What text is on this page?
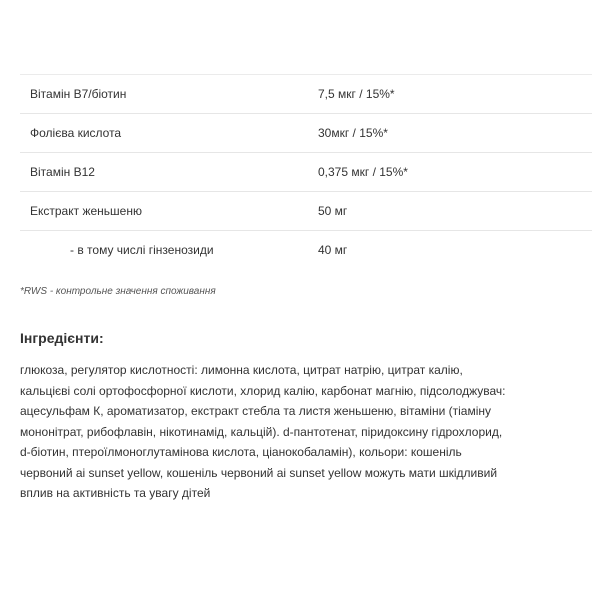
Вітамін B7/біотин	7,5 мкг / 15%*
Фолієва кислота	30мкг / 15%*
Вітамін B12	0,375 мкг / 15%*
Екстракт женьшеню	50 мг
- в тому числі гінзенозиди	40 мг
*RWS - контрольне значення споживання
Інгредієнти:
глюкоза, регулятор кислотності: лимонна кислота, цитрат натрію, цитрат калію,
кальцієві солі ортофосфорної кислоти, хлорид калію, карбонат магнію, підсолоджувач:
ацесульфам К, ароматизатор, екстракт стебла та листя женьшеню, вітаміни (тіаміну
мононітрат, рибофлавін, нікотинамід, кальцій). d-пантотенат, піридоксину гідрохлорид,
d-біотин, птероїлмоноглутамінова кислота, ціанокобаламін), кольори: кошеніль
червоний аі sunset yellow, кошеніль червоний аі sunset yellow можуть мати шкідливий
вплив на активність та увагу дітей
